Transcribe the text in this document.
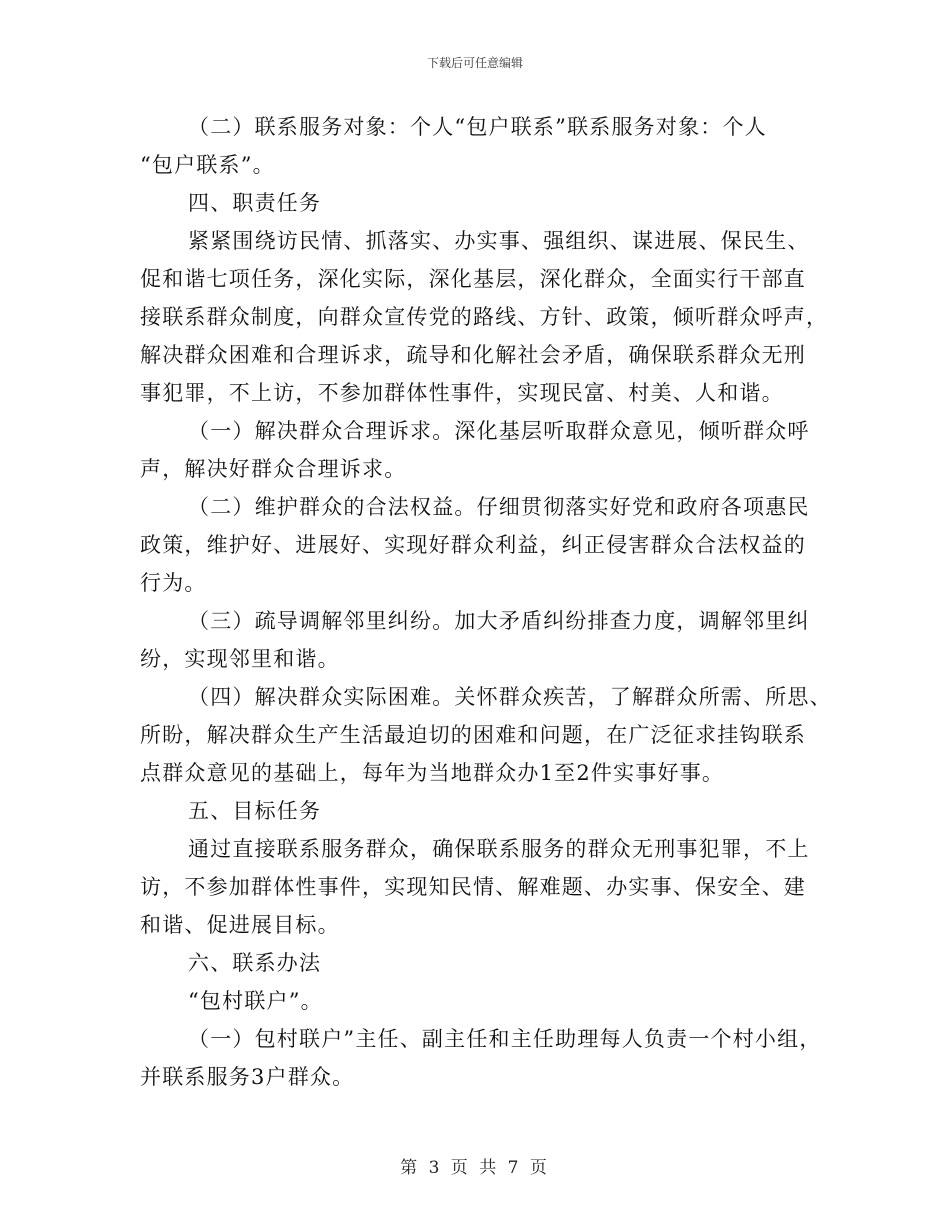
下载后可任意编辑
（二）联系服务对象：个人“包户联系”联系服务对象：个人
“包户联系”。
四、职责任务
紧紧围绕访民情、抓落实、办实事、强组织、谋进展、保民生、
促和谐七项任务，深化实际，深化基层，深化群众，全面实行干部直
接联系群众制度，向群众宣传党的路线、方针、政策，倾听群众呼声，
解决群众困难和合理诉求，疏导和化解社会矛盾，确保联系群众无刑
事犯罪，不上访，不参加群体性事件，实现民富、村美、人和谐。
（一）解决群众合理诉求。深化基层听取群众意见，倾听群众呼
声，解决好群众合理诉求。
（二）维护群众的合法权益。仔细贯彻落实好党和政府各项惠民
政策，维护好、进展好、实现好群众利益，纠正侵害群众合法权益的
行为。
（三）疏导调解邻里纠纷。加大矛盾纠纷排查力度，调解邻里纠
纷，实现邻里和谐。
（四）解决群众实际困难。关怀群众疾苦，了解群众所需、所思、
所盼，解决群众生产生活最迫切的困难和问题，在广泛征求挂钩联系
点群众意见的基础上，每年为当地群众办1至2件实事好事。
五、目标任务
通过直接联系服务群众，确保联系服务的群众无刑事犯罪，不上
访，不参加群体性事件，实现知民情、解难题、办实事、保安全、建
和谐、促进展目标。
六、联系办法
“包村联户”。
（一）包村联户”主任、副主任和主任助理每人负责一个村小组，
并联系服务3户群众。
第 3 页 共 7 页
